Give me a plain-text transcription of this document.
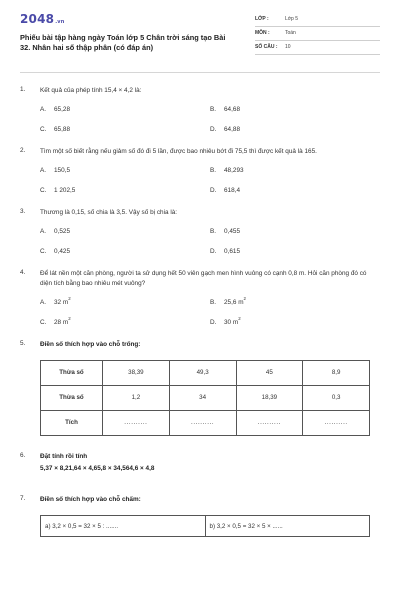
2048.vn
Phiếu bài tập hàng ngày Toán lớp 5 Chân trời sáng tạo Bài 32. Nhân hai số thập phân (có đáp án)
LỚP :	Lớp 5
MÔN :	Toán
SỐ CÂU :	10
1.	Kết quả của phép tính 15,4 × 4,2 là:
A.	65,28	B.	64,68
C.	65,88	D.	64,88
2.	Tìm một số biết rằng nếu giảm số đó đi 5 lần, được bao nhiêu bớt đi 75,5 thì được kết quả là 165.
A.	150,5	B.	48,293
C.	1 202,5	D.	618,4
3.	Thương là 0,15, số chia là 3,5. Vậy số bị chia là:
A.	0,525	B.	0,455
C.	0,425	D.	0,615
4.	Để lát nền một căn phòng, người ta sử dụng hết 50 viên gạch men hình vuông có cạnh 0,8 m. Hỏi căn phòng đó có diện tích bằng bao nhiêu mét vuông?
A.	32 m
2
B.	25,6 m
2
C.	28 m
2
D.	30 m
2
5.	Điền số thích hợp vào chỗ trống:
Thừa số	38,39	49,3	45	8,9
Thừa số	1,2	34	18,39	0,3
Tích	..........	..........	..........	..........
6.	Đặt tính rồi tính
5,37 × 8,21,64 × 4,65,8 × 34,564,6 × 4,8
7.	Điền số thích hợp vào chỗ chấm:
a) 3,2 × 0,5 = 32 × 5 : .......	b) 3,2 × 0,5 = 32 × 5 × ......
